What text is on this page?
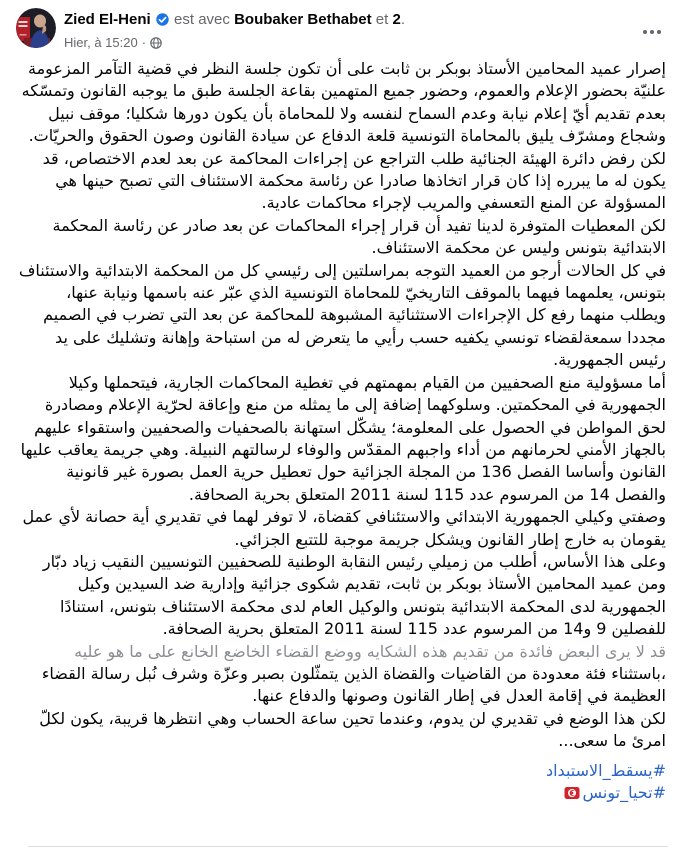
Zied El-Heni est avec Boubaker Bethabet et 2.
Hier, à 15:20 ·

إصرار عميد المحامين الأستاذ بوبكر بن ثابت على أن تكون جلسة النظر في قضية التآمر المزعومة علنيّة بحضور الإعلام والعموم، وحضور جميع المتهمين بقاعة الجلسة طبق ما يوجبه القانون وتمسّكه بعدم تقديم أيّ إعلام نيابة وعدم السماح لنفسه ولا للمحاماة بأن يكون دورها شكليا؛ موقف نبيل وشجاع ومشرّف يليق بالمحاماة التونسية قلعة الدفاع عن سيادة القانون وصون الحقوق والحريّات.

لكن رفض دائرة الهيئة الجنائية طلب التراجع عن إجراءات المحاكمة عن بعد لعدم الاختصاص، قد يكون له ما يبرره إذا كان قرار اتخاذها صادرا عن رئاسة محكمة الاستئناف التي تصبح حينها هي المسؤولة عن المنع التعسفي والمريب لإجراء محاكمات عادية.

لكن المعطيات المتوفرة لدينا تفيد أن قرار إجراء المحاكمات عن بعد صادر عن رئاسة المحكمة الابتدائية بتونس وليس عن محكمة الاستئناف.

في كل الحالات أرجو من العميد التوجه بمراسلتين إلى رئيسي كل من المحكمة الابتدائية والاستئناف بتونس، يعلمهما فيهما بالموقف التاريخيّ للمحاماة التونسية الذي عبّر عنه باسمها ونيابة عنها، ويطلب منهما رفع كل الإجراءات الاستثنائية المشبوهة للمحاكمة عن بعد التي تضرب في الصميم مجددا سمعةلقضاء تونسي يكفيه حسب رأيي ما يتعرض له من استباحة وإهانة وتشليك على يد رئيس الجمهورية.

أما مسؤولية منع الصحفيين من القيام بمهمتهم في تغطية المحاكمات الجارية، فيتحملها وكيلا الجمهورية في المحكمتين. وسلوكهما إضافة إلى ما يمثله من منع وإعاقة لحرّية الإعلام ومصادرة لحق المواطن في الحصول على المعلومة؛ يشكّل استهانة بالصحفيات والصحفيين واستقواء عليهم بالجهاز الأمني لحرمانهم من أداء واجبهم المقدّس والوفاء لرسالتهم النبيلة. وهي جريمة يعاقب عليها القانون وأساسا الفصل 136 من المجلة الجزائية حول تعطيل حرية العمل بصورة غير قانونية والفصل 14 من المرسوم عدد 115 لسنة 2011 المتعلق بحرية الصحافة.

وصفتي وكيلي الجمهورية الابتدائي والاستئنافي كقضاة، لا توفر لهما في تقديري أية حصانة لأي عمل يقومان به خارج إطار القانون ويشكل جريمة موجبة للتتبع الجزائي.

وعلى هذا الأساس، أطلب من زميلي رئيس النقابة الوطنية للصحفيين التونسيين النقيب زياد دبّار ومن عميد المحامين الأستاذ بوبكر بن ثابت، تقديم شكوى جزائية وإدارية ضد السيدين وكيل الجمهورية لدى المحكمة الابتدائية بتونس والوكيل العام لدى محكمة الاستئناف بتونس، استنادًا للفصلين 9 و14 من المرسوم عدد 115 لسنة 2011 المتعلق بحرية الصحافة.

قد لا يرى البعض فائدة من تقديم هذه الشكايه ووضع القضاء الخاضع الخانع على ما هو عليه ،باستثناء فئة معدودة من القاضيات والقضاة الذين يتمثّلون بصبر وعزّة وشرف نُبل رسالة القضاء العظيمة في إقامة العدل في إطار القانون وصونها والدفاع عنها.

لكن هذا الوضع في تقديري لن يدوم، وعندما تحين ساعة الحساب وهي انتظرها قريبة، يكون لكلّ امرئ ما سعى...

#يسقط_الاستبداد
#تحيا_تونس
